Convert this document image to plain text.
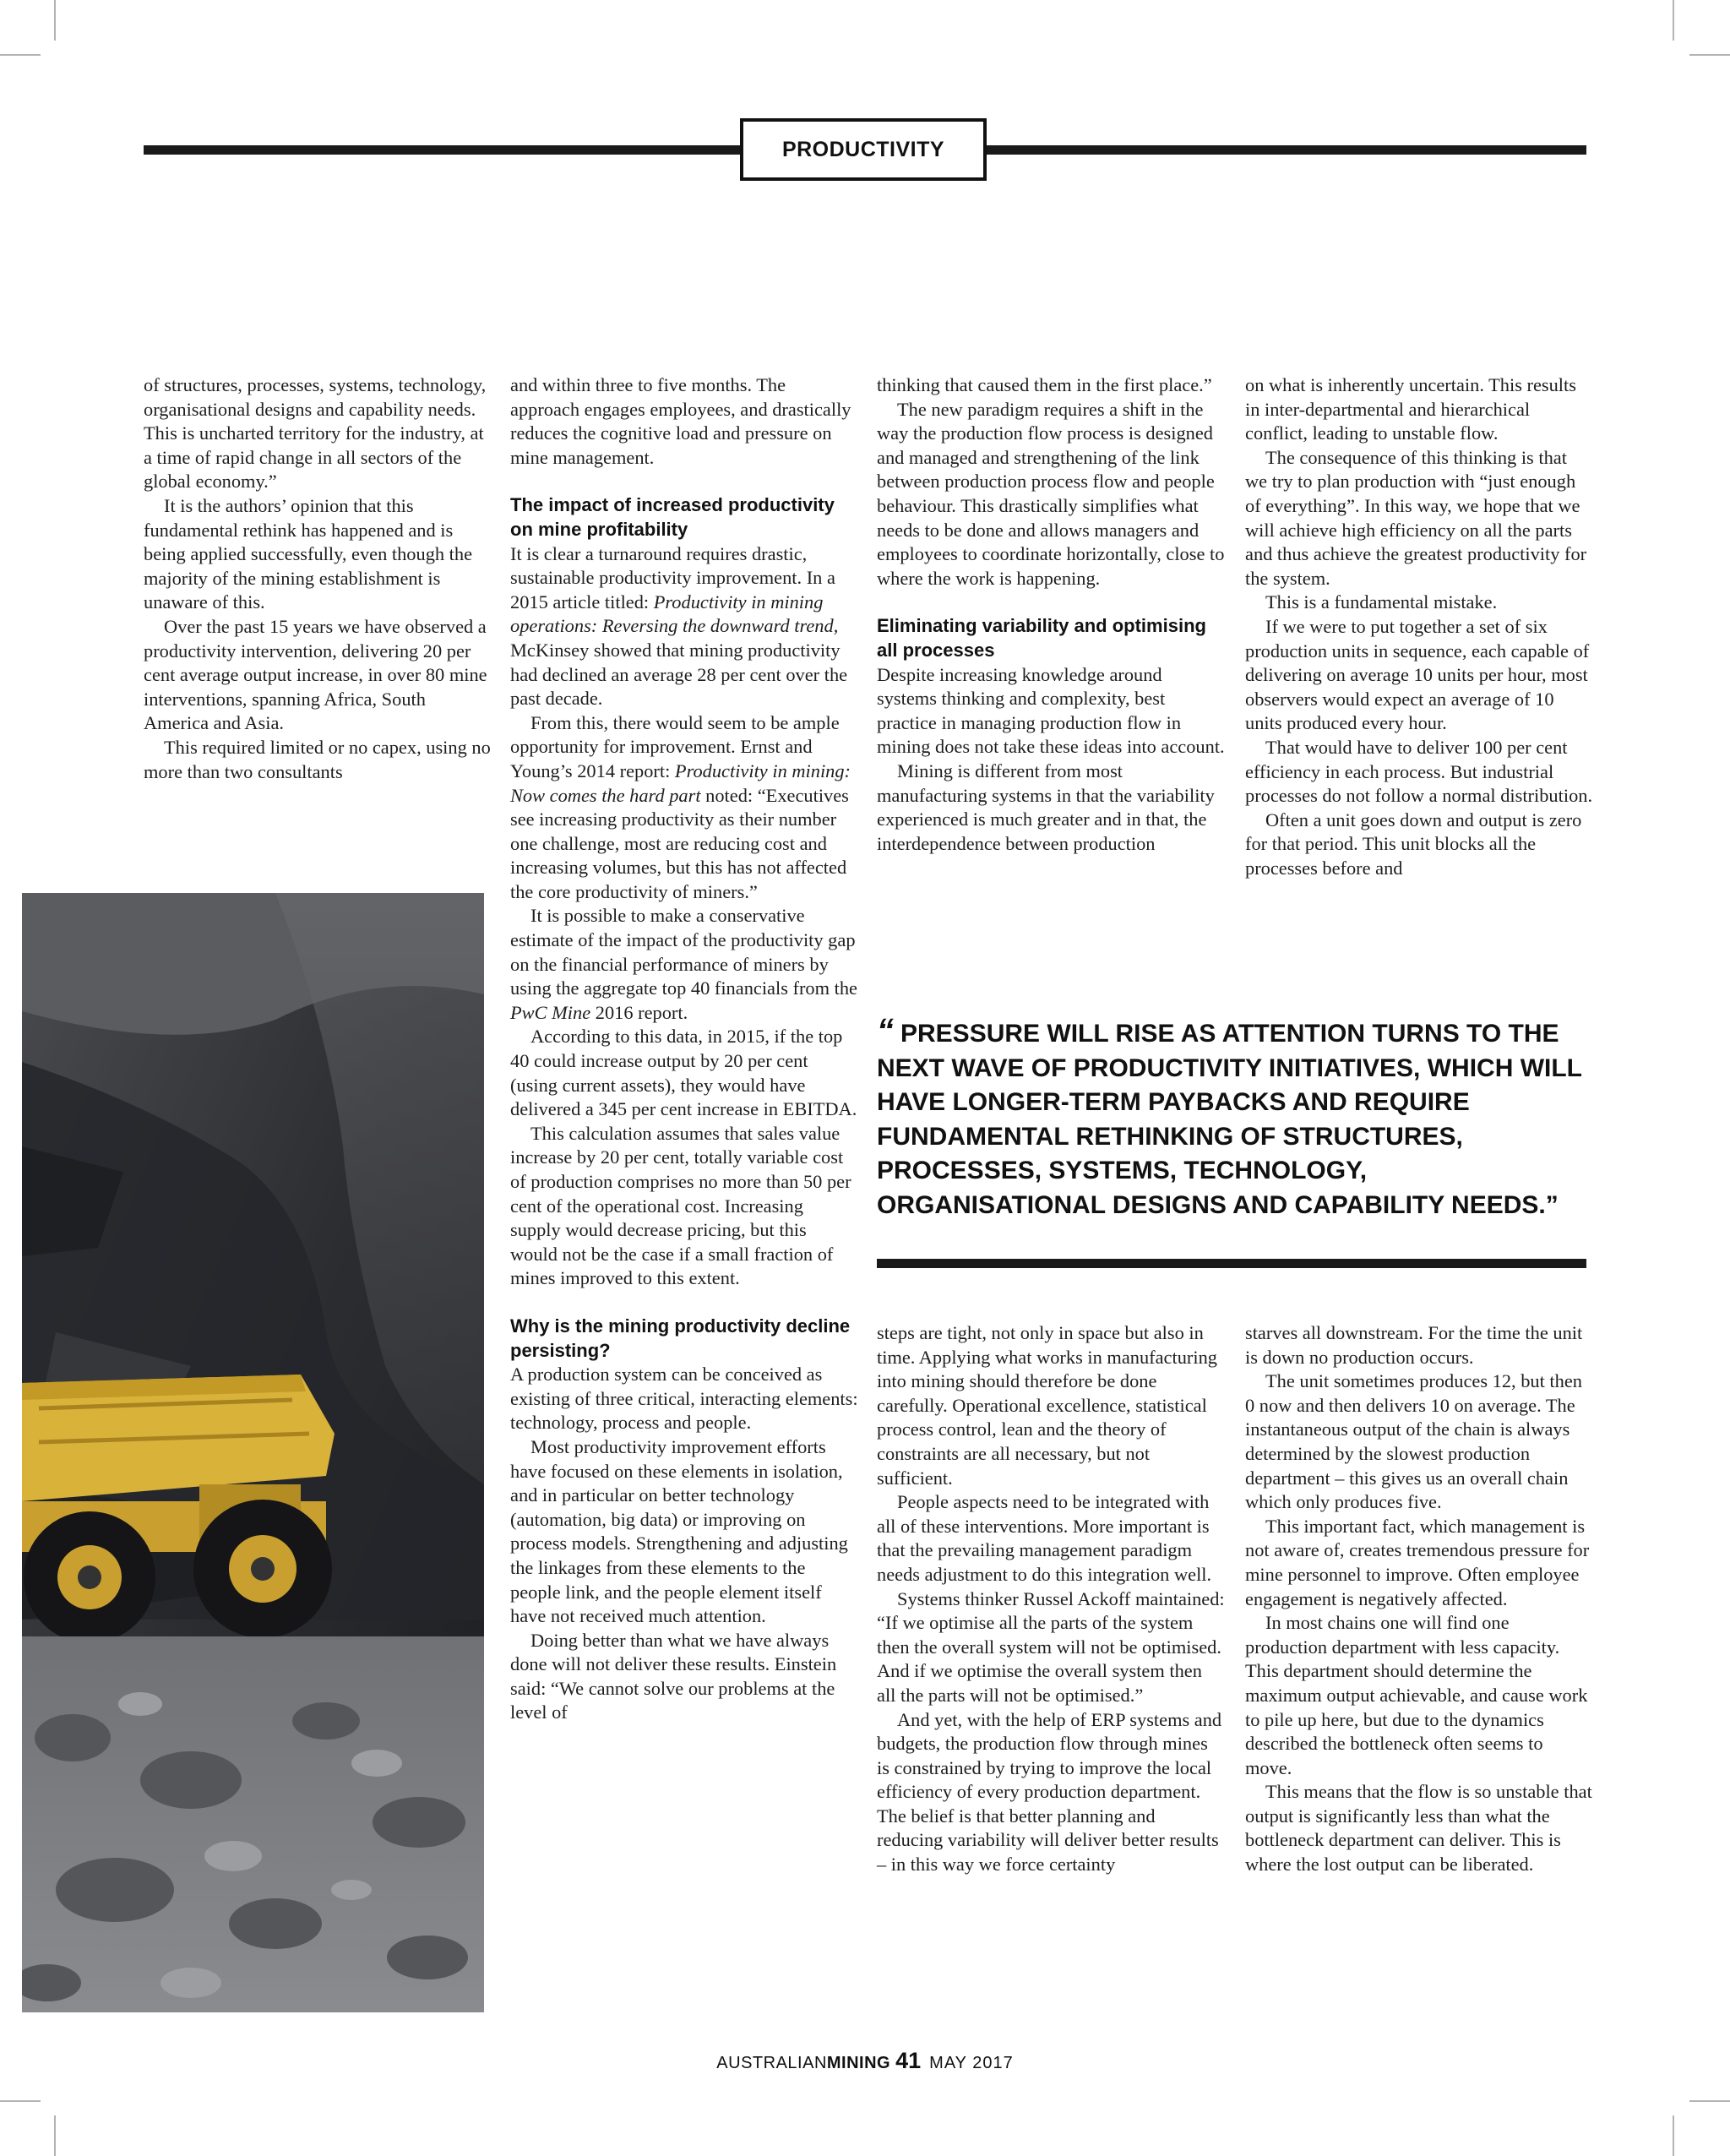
PRODUCTIVITY

of structures, processes, systems, technology, organisational designs and capability needs. This is uncharted territory for the industry, at a time of rapid change in all sectors of the global economy.”

It is the authors’ opinion that this fundamental rethink has happened and is being applied successfully, even though the majority of the mining establishment is unaware of this.

Over the past 15 years we have observed a productivity intervention, delivering 20 per cent average output increase, in over 80 mine interventions, spanning Africa, South America and Asia.

This required limited or no capex, using no more than two consultants

and within three to five months. The approach engages employees, and drastically reduces the cognitive load and pressure on mine management.

The impact of increased productivity on mine profitability

It is clear a turnaround requires drastic, sustainable productivity improvement. In a 2015 article titled: Productivity in mining operations: Reversing the downward trend, McKinsey showed that mining productivity had declined an average 28 per cent over the past decade.

From this, there would seem to be ample opportunity for improvement. Ernst and Young’s 2014 report: Productivity in mining: Now comes the hard part noted: “Executives see increasing productivity as their number one challenge, most are reducing cost and increasing volumes, but this has not affected the core productivity of miners.”

It is possible to make a conservative estimate of the impact of the productivity gap on the financial performance of miners by using the aggregate top 40 financials from the PwC Mine 2016 report.

According to this data, in 2015, if the top 40 could increase output by 20 per cent (using current assets), they would have delivered a 345 per cent increase in EBITDA.

This calculation assumes that sales value increase by 20 per cent, totally variable cost of production comprises no more than 50 per cent of the operational cost. Increasing supply would decrease pricing, but this would not be the case if a small fraction of mines improved to this extent.

Why is the mining productivity decline persisting?

A production system can be conceived as existing of three critical, interacting elements: technology, process and people.

Most productivity improvement efforts have focused on these elements in isolation, and in particular on better technology (automation, big data) or improving on process models. Strengthening and adjusting the linkages from these elements to the people link, and the people element itself have not received much attention.

Doing better than what we have always done will not deliver these results. Einstein said: “We cannot solve our problems at the level of

thinking that caused them in the first place.”

The new paradigm requires a shift in the way the production flow process is designed and managed and strengthening of the link between production process flow and people behaviour. This drastically simplifies what needs to be done and allows managers and employees to coordinate horizontally, close to where the work is happening.

Eliminating variability and optimising all processes

Despite increasing knowledge around systems thinking and complexity, best practice in managing production flow in mining does not take these ideas into account.

Mining is different from most manufacturing systems in that the variability experienced is much greater and in that, the interdependence between production

on what is inherently uncertain. This results in inter-departmental and hierarchical conflict, leading to unstable flow.

The consequence of this thinking is that we try to plan production with “just enough of everything”. In this way, we hope that we will achieve high efficiency on all the parts and thus achieve the greatest productivity for the system.

This is a fundamental mistake.

If we were to put together a set of six production units in sequence, each capable of delivering on average 10 units per hour, most observers would expect an average of 10 units produced every hour.

That would have to deliver 100 per cent efficiency in each process. But industrial processes do not follow a normal distribution.

Often a unit goes down and output is zero for that period. This unit blocks all the processes before and

“ PRESSURE WILL RISE AS ATTENTION TURNS TO THE NEXT WAVE OF PRODUCTIVITY INITIATIVES, WHICH WILL HAVE LONGER-TERM PAYBACKS AND REQUIRE FUNDAMENTAL RETHINKING OF STRUCTURES, PROCESSES, SYSTEMS, TECHNOLOGY, ORGANISATIONAL DESIGNS AND CAPABILITY NEEDS.”

steps are tight, not only in space but also in time. Applying what works in manufacturing into mining should therefore be done carefully. Operational excellence, statistical process control, lean and the theory of constraints are all necessary, but not sufficient.

People aspects need to be integrated with all of these interventions. More important is that the prevailing management paradigm needs adjustment to do this integration well.

Systems thinker Russel Ackoff maintained: “If we optimise all the parts of the system then the overall system will not be optimised. And if we optimise the overall system then all the parts will not be optimised.”

And yet, with the help of ERP systems and budgets, the production flow through mines is constrained by trying to improve the local efficiency of every production department. The belief is that better planning and reducing variability will deliver better results – in this way we force certainty

starves all downstream. For the time the unit is down no production occurs.

The unit sometimes produces 12, but then 0 now and then delivers 10 on average. The instantaneous output of the chain is always determined by the slowest production department – this gives us an overall chain which only produces five.

This important fact, which management is not aware of, creates tremendous pressure for mine personnel to improve. Often employee engagement is negatively affected.

In most chains one will find one production department with less capacity. This department should determine the maximum output achievable, and cause work to pile up here, but due to the dynamics described the bottleneck often seems to move.

This means that the flow is so unstable that output is significantly less than what the bottleneck department can deliver. This is where the lost output can be liberated.

AUSTRALIANMINING 41 MAY 2017
